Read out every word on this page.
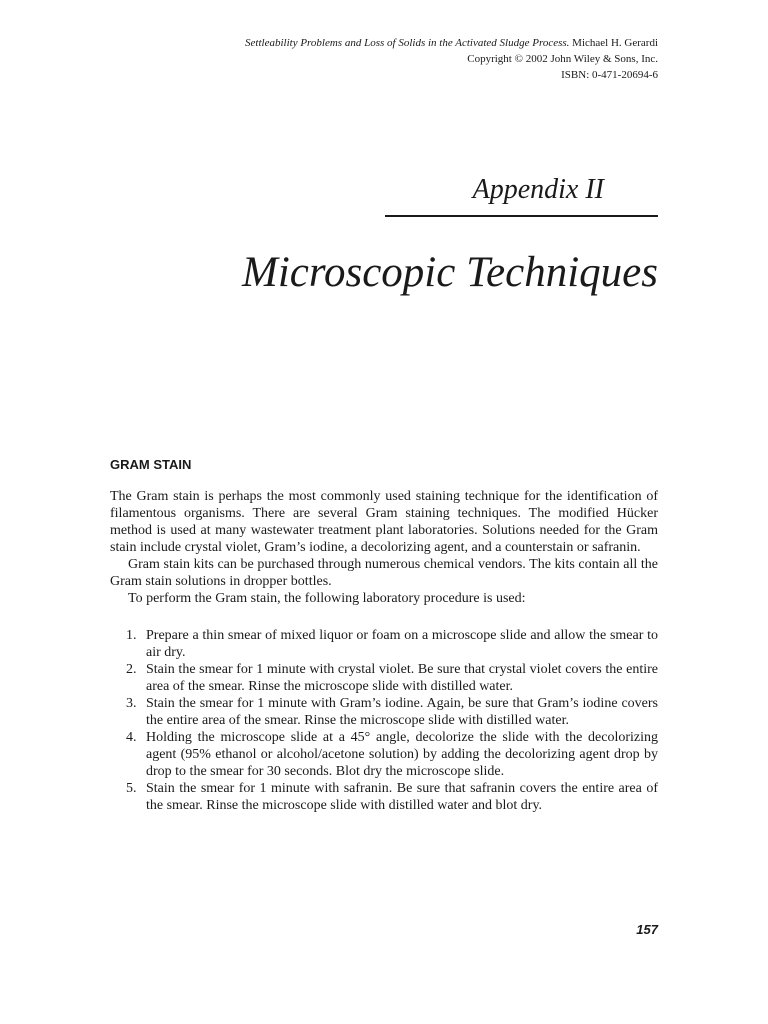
Settleability Problems and Loss of Solids in the Activated Sludge Process. Michael H. Gerardi
Copyright © 2002 John Wiley & Sons, Inc.
ISBN: 0-471-20694-6
Appendix II
Microscopic Techniques
GRAM STAIN

The Gram stain is perhaps the most commonly used staining technique for the identification of filamentous organisms. There are several Gram staining techniques. The modified Hücker method is used at many wastewater treatment plant laboratories. Solutions needed for the Gram stain include crystal violet, Gram’s iodine, a decolorizing agent, and a counterstain or safranin.

Gram stain kits can be purchased through numerous chemical vendors. The kits contain all the Gram stain solutions in dropper bottles.

To perform the Gram stain, the following laboratory procedure is used:

1. Prepare a thin smear of mixed liquor or foam on a microscope slide and allow the smear to air dry.
2. Stain the smear for 1 minute with crystal violet. Be sure that crystal violet covers the entire area of the smear. Rinse the microscope slide with distilled water.
3. Stain the smear for 1 minute with Gram’s iodine. Again, be sure that Gram’s iodine covers the entire area of the smear. Rinse the microscope slide with distilled water.
4. Holding the microscope slide at a 45° angle, decolorize the slide with the decolorizing agent (95% ethanol or alcohol/acetone solution) by adding the decolorizing agent drop by drop to the smear for 30 seconds. Blot dry the microscope slide.
5. Stain the smear for 1 minute with safranin. Be sure that safranin covers the entire area of the smear. Rinse the microscope slide with distilled water and blot dry.
157
